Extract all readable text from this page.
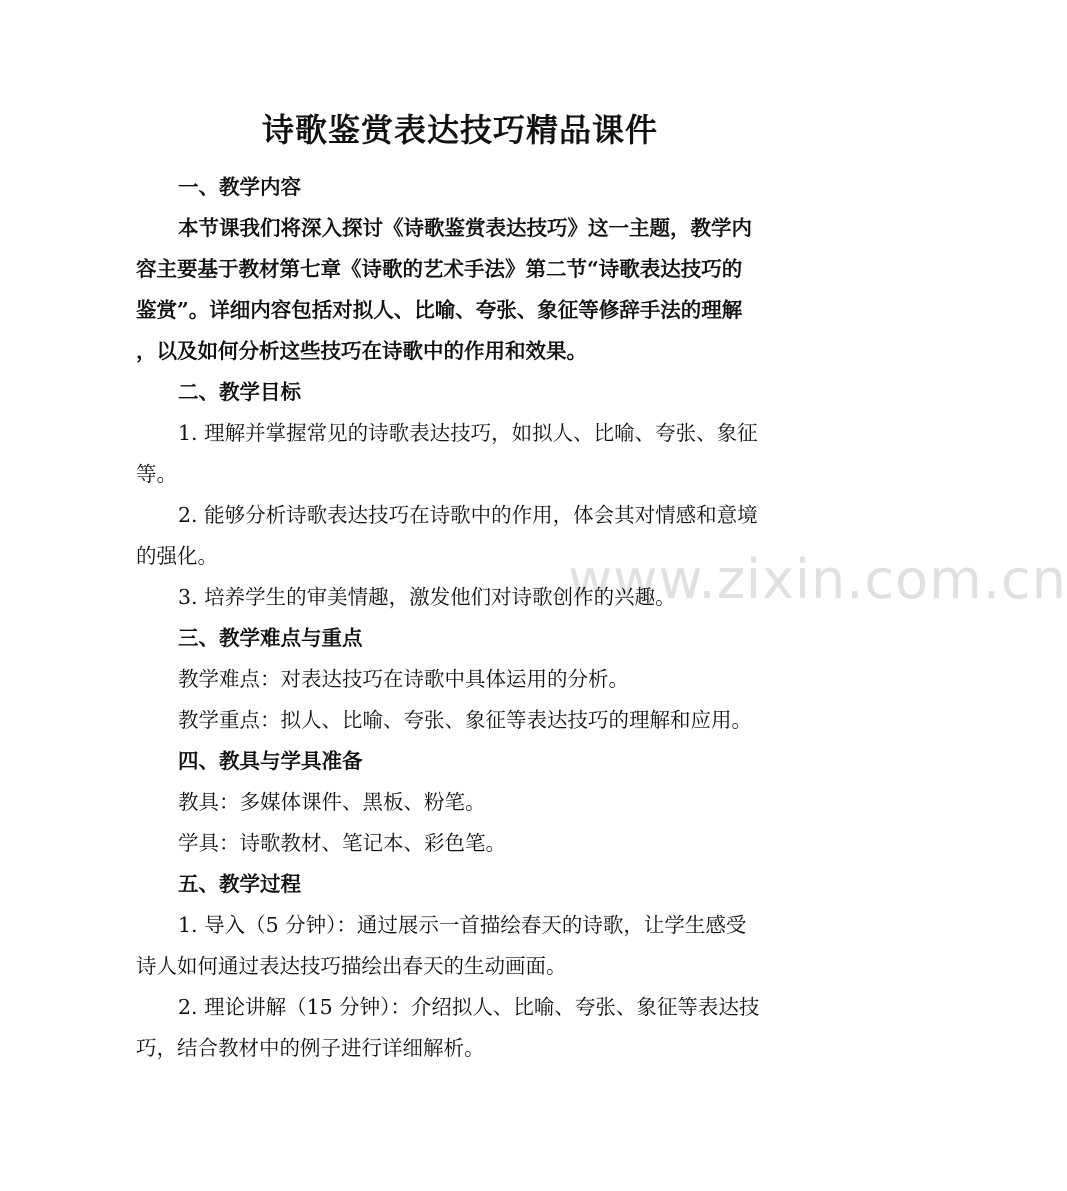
www.zixin.com.cn
诗歌鉴赏表达技巧精品课件
一、教学内容
本节课我们将深入探讨《诗歌鉴赏表达技巧》这一主题，教学内
容主要基于教材第七章《诗歌的艺术手法》第二节“诗歌表达技巧的
鉴赏”。详细内容包括对拟人、比喻、夸张、象征等修辞手法的理解
，以及如何分析这些技巧在诗歌中的作用和效果。
二、教学目标
1. 理解并掌握常见的诗歌表达技巧，如拟人、比喻、夸张、象征
等。
2. 能够分析诗歌表达技巧在诗歌中的作用，体会其对情感和意境
的强化。
3. 培养学生的审美情趣，激发他们对诗歌创作的兴趣。
三、教学难点与重点
教学难点：对表达技巧在诗歌中具体运用的分析。
教学重点：拟人、比喻、夸张、象征等表达技巧的理解和应用。
四、教具与学具准备
教具：多媒体课件、黑板、粉笔。
学具：诗歌教材、笔记本、彩色笔。
五、教学过程
1. 导入（5 分钟）：通过展示一首描绘春天的诗歌，让学生感受
诗人如何通过表达技巧描绘出春天的生动画面。
2. 理论讲解（15 分钟）：介绍拟人、比喻、夸张、象征等表达技
巧，结合教材中的例子进行详细解析。
